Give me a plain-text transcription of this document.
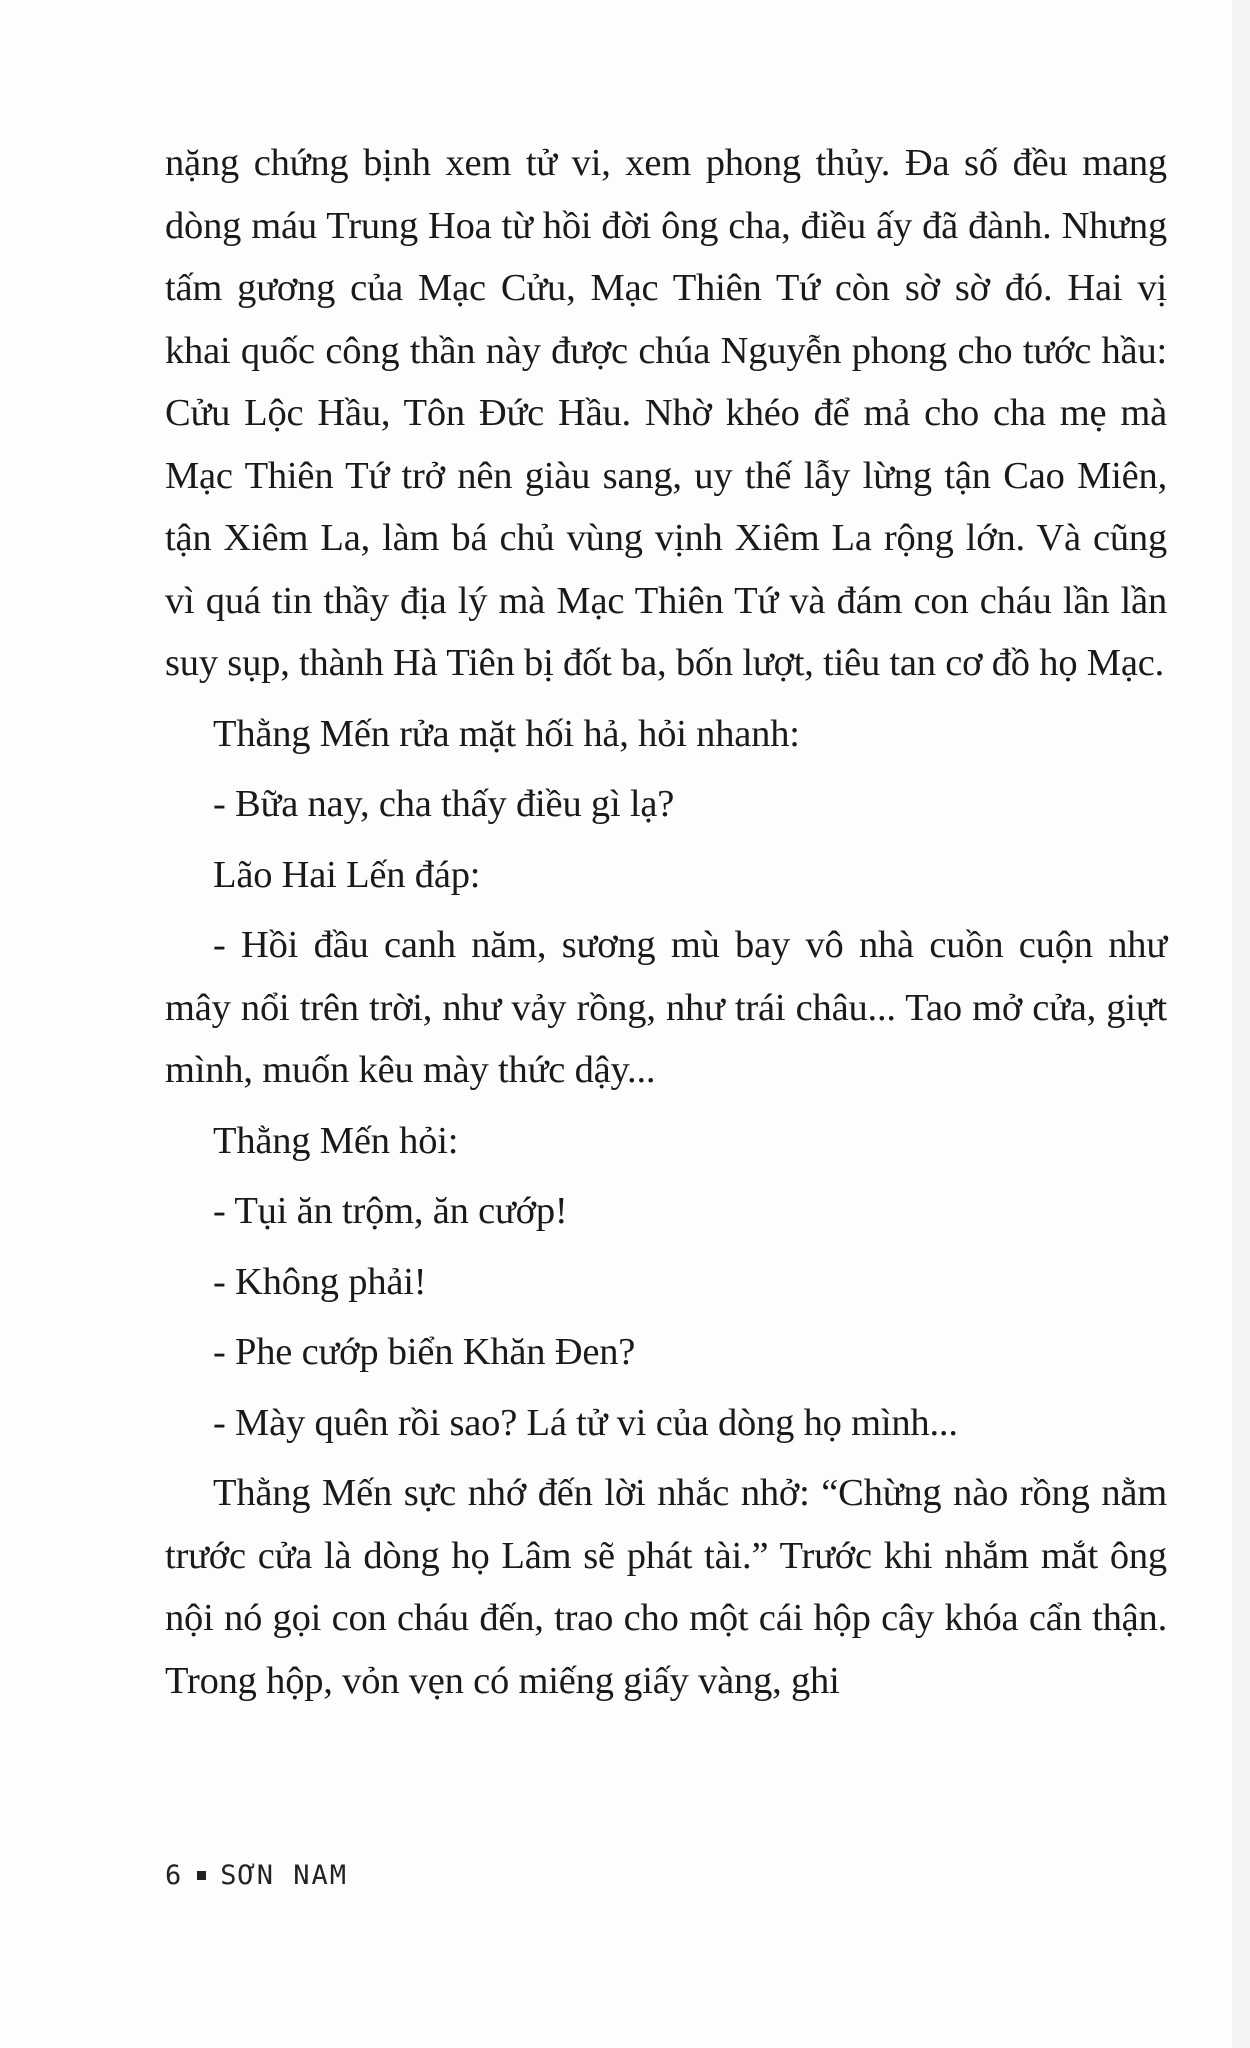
nặng chứng bịnh xem tử vi, xem phong thủy. Đa số đều mang dòng máu Trung Hoa từ hồi đời ông cha, điều ấy đã đành. Nhưng tấm gương của Mạc Cửu, Mạc Thiên Tứ còn sờ sờ đó. Hai vị khai quốc công thần này được chúa Nguyễn phong cho tước hầu: Cửu Lộc Hầu, Tôn Đức Hầu. Nhờ khéo để mả cho cha mẹ mà Mạc Thiên Tứ trở nên giàu sang, uy thế lẫy lừng tận Cao Miên, tận Xiêm La, làm bá chủ vùng vịnh Xiêm La rộng lớn. Và cũng vì quá tin thầy địa lý mà Mạc Thiên Tứ và đám con cháu lần lần suy sụp, thành Hà Tiên bị đốt ba, bốn lượt, tiêu tan cơ đồ họ Mạc.

Thằng Mến rửa mặt hối hả, hỏi nhanh:

- Bữa nay, cha thấy điều gì lạ?

Lão Hai Lến đáp:

- Hồi đầu canh năm, sương mù bay vô nhà cuồn cuộn như mây nổi trên trời, như vảy rồng, như trái châu... Tao mở cửa, giựt mình, muốn kêu mày thức dậy...

Thằng Mến hỏi:

- Tụi ăn trộm, ăn cướp!

- Không phải!

- Phe cướp biển Khăn Đen?

- Mày quên rồi sao? Lá tử vi của dòng họ mình...

Thằng Mến sực nhớ đến lời nhắc nhở: “Chừng nào rồng nằm trước cửa là dòng họ Lâm sẽ phát tài.” Trước khi nhắm mắt ông nội nó gọi con cháu đến, trao cho một cái hộp cây khóa cẩn thận. Trong hộp, vỏn vẹn có miếng giấy vàng, ghi

6 SƠN NAM
